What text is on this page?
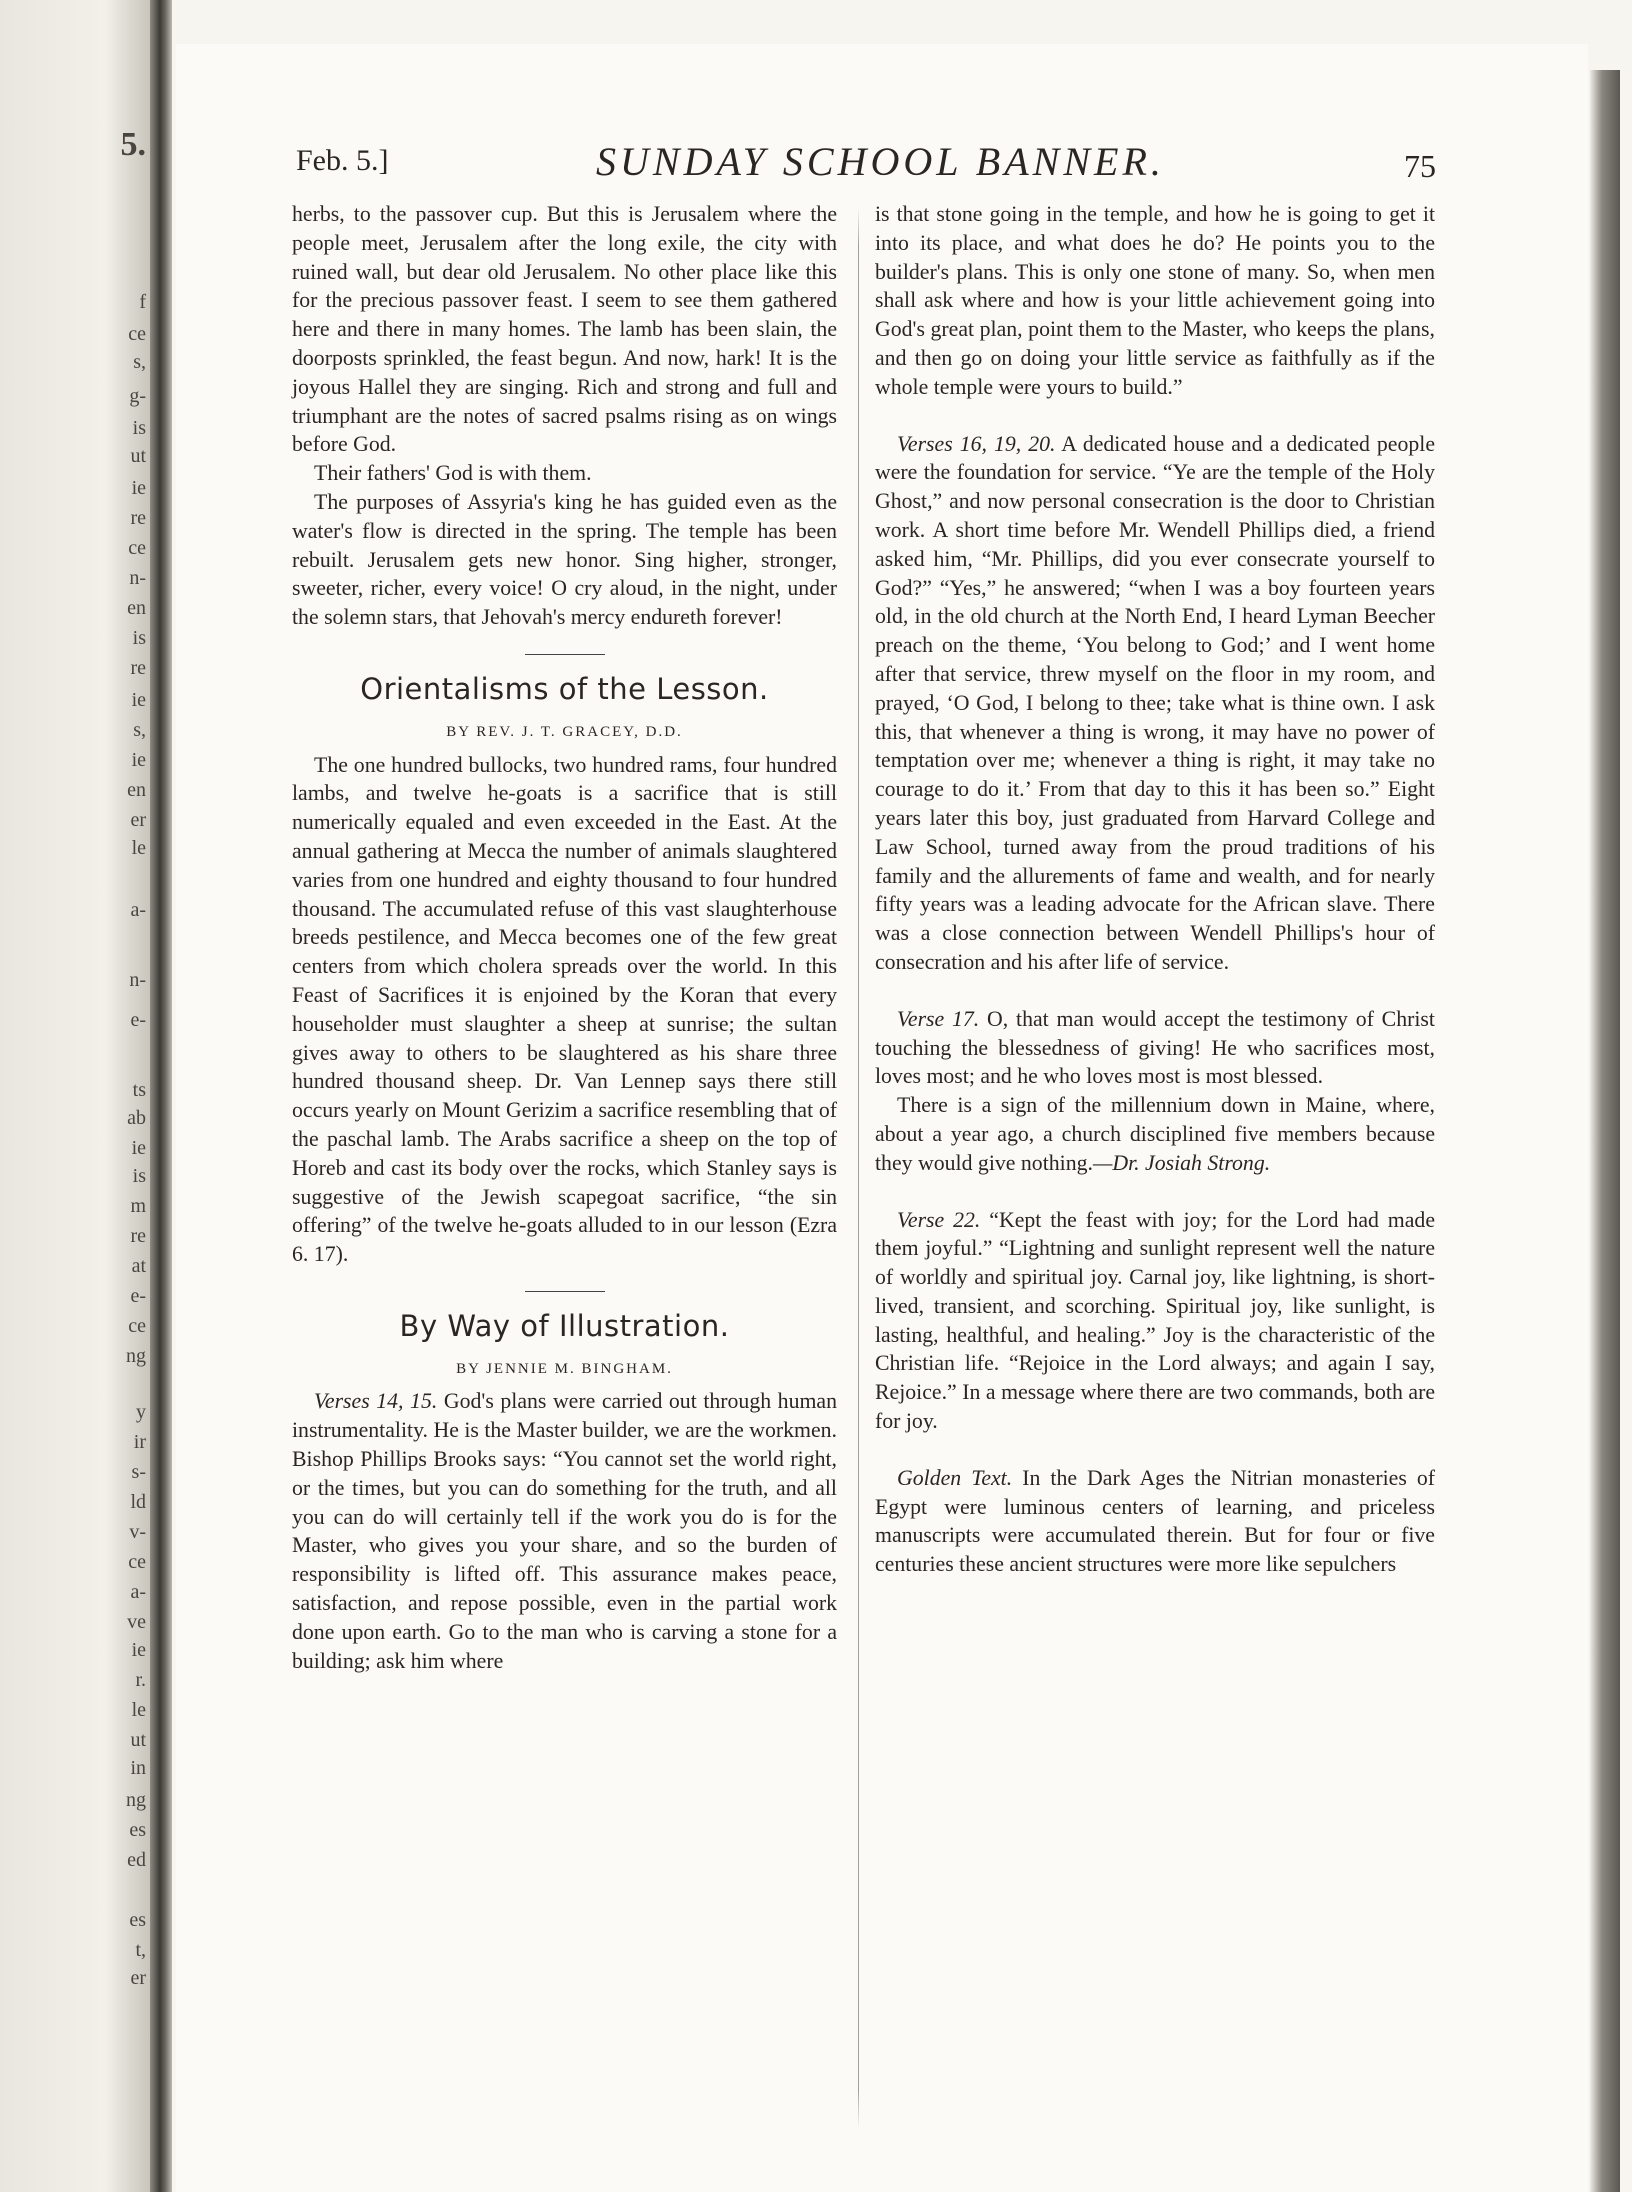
5.
f
ce
s,
g-
is
ut
ie
re
ce
n-
en
is
re
ie
s,
ie
en
er
le
a-
n-
e-
ts
ab
ie
is
m
re
at
e-
ce
ng
y
ir
s-
ld
v-
ce
a-
ve
ie
r.
le
ut
in
ng
es
ed
es
t,
er
Feb. 5.]	SUNDAY SCHOOL BANNER.	75

herbs, to the passover cup. But this is Jerusalem where the people meet, Jerusalem after the long exile, the city with ruined wall, but dear old Jerusalem. No other place like this for the precious passover feast. I seem to see them gathered here and there in many homes. The lamb has been slain, the doorposts sprinkled, the feast begun. And now, hark! It is the joyous Hallel they are singing. Rich and strong and full and triumphant are the notes of sacred psalms rising as on wings before God.

Their fathers' God is with them.

The purposes of Assyria's king he has guided even as the water's flow is directed in the spring. The temple has been rebuilt. Jerusalem gets new honor. Sing higher, stronger, sweeter, richer, every voice! O cry aloud, in the night, under the solemn stars, that Jehovah's mercy endureth forever!

Orientalisms of the Lesson.
BY REV. J. T. GRACEY, D.D.

The one hundred bullocks, two hundred rams, four hundred lambs, and twelve he-goats is a sacrifice that is still numerically equaled and even exceeded in the East. At the annual gathering at Mecca the number of animals slaughtered varies from one hundred and eighty thousand to four hundred thousand. The accumulated refuse of this vast slaughterhouse breeds pestilence, and Mecca becomes one of the few great centers from which cholera spreads over the world. In this Feast of Sacrifices it is enjoined by the Koran that every householder must slaughter a sheep at sunrise; the sultan gives away to others to be slaughtered as his share three hundred thousand sheep. Dr. Van Lennep says there still occurs yearly on Mount Gerizim a sacrifice resembling that of the paschal lamb. The Arabs sacrifice a sheep on the top of Horeb and cast its body over the rocks, which Stanley says is suggestive of the Jewish scapegoat sacrifice, “the sin offering” of the twelve he-goats alluded to in our lesson (Ezra 6. 17).

By Way of Illustration.
BY JENNIE M. BINGHAM.

Verses 14, 15. God's plans were carried out through human instrumentality. He is the Master builder, we are the workmen. Bishop Phillips Brooks says: “You cannot set the world right, or the times, but you can do something for the truth, and all you can do will certainly tell if the work you do is for the Master, who gives you your share, and so the burden of responsibility is lifted off. This assurance makes peace, satisfaction, and repose possible, even in the partial work done upon earth. Go to the man who is carving a stone for a building; ask him where

is that stone going in the temple, and how he is going to get it into its place, and what does he do? He points you to the builder's plans. This is only one stone of many. So, when men shall ask where and how is your little achievement going into God's great plan, point them to the Master, who keeps the plans, and then go on doing your little service as faithfully as if the whole temple were yours to build.”

Verses 16, 19, 20. A dedicated house and a dedicated people were the foundation for service. “Ye are the temple of the Holy Ghost,” and now personal consecration is the door to Christian work. A short time before Mr. Wendell Phillips died, a friend asked him, “Mr. Phillips, did you ever consecrate yourself to God?” “Yes,” he answered; “when I was a boy fourteen years old, in the old church at the North End, I heard Lyman Beecher preach on the theme, ‘You belong to God;’ and I went home after that service, threw myself on the floor in my room, and prayed, ‘O God, I belong to thee; take what is thine own. I ask this, that whenever a thing is wrong, it may have no power of temptation over me; whenever a thing is right, it may take no courage to do it.’ From that day to this it has been so.” Eight years later this boy, just graduated from Harvard College and Law School, turned away from the proud traditions of his family and the allurements of fame and wealth, and for nearly fifty years was a leading advocate for the African slave. There was a close connection between Wendell Phillips's hour of consecration and his after life of service.

Verse 17. O, that man would accept the testimony of Christ touching the blessedness of giving! He who sacrifices most, loves most; and he who loves most is most blessed.

There is a sign of the millennium down in Maine, where, about a year ago, a church disciplined five members because they would give nothing.—Dr. Josiah Strong.

Verse 22. “Kept the feast with joy; for the Lord had made them joyful.” “Lightning and sunlight represent well the nature of worldly and spiritual joy. Carnal joy, like lightning, is short-lived, transient, and scorching. Spiritual joy, like sunlight, is lasting, healthful, and healing.” Joy is the characteristic of the Christian life. “Rejoice in the Lord always; and again I say, Rejoice.” In a message where there are two commands, both are for joy.

Golden Text. In the Dark Ages the Nitrian monasteries of Egypt were luminous centers of learning, and priceless manuscripts were accumulated therein. But for four or five centuries these ancient structures were more like sepulchers
